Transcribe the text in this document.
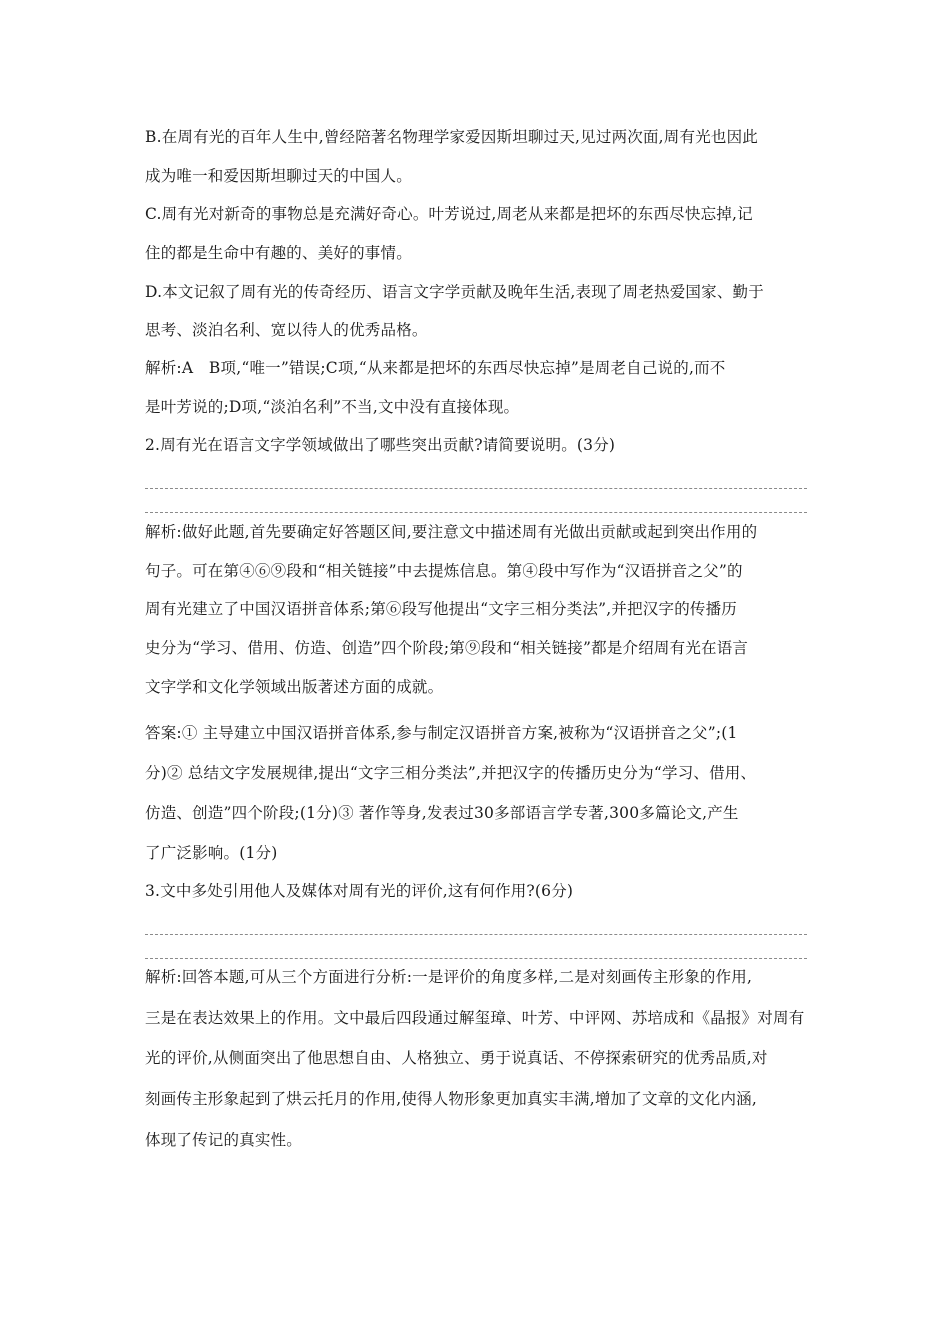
B.在周有光的百年人生中,曾经陪著名物理学家爱因斯坦聊过天,见过两次面,周有光也因此
成为唯一和爱因斯坦聊过天的中国人。
C.周有光对新奇的事物总是充满好奇心。叶芳说过,周老从来都是把坏的东西尽快忘掉,记
住的都是生命中有趣的、美好的事情。
D.本文记叙了周有光的传奇经历、语言文字学贡献及晚年生活,表现了周老热爱国家、勤于
思考、淡泊名利、宽以待人的优秀品格。
解析:A　B项,“唯一”错误;C项,“从来都是把坏的东西尽快忘掉”是周老自己说的,而不
是叶芳说的;D项,“淡泊名利”不当,文中没有直接体现。
2.周有光在语言文字学领域做出了哪些突出贡献?请简要说明。(3分)
解析:做好此题,首先要确定好答题区间,要注意文中描述周有光做出贡献或起到突出作用的
句子。可在第④⑥⑨段和“相关链接”中去提炼信息。第④段中写作为“汉语拼音之父”的
周有光建立了中国汉语拼音体系;第⑥段写他提出“文字三相分类法”,并把汉字的传播历
史分为“学习、借用、仿造、创造”四个阶段;第⑨段和“相关链接”都是介绍周有光在语言
文字学和文化学领域出版著述方面的成就。
答案:① 主导建立中国汉语拼音体系,参与制定汉语拼音方案,被称为“汉语拼音之父”;(1
分)② 总结文字发展规律,提出“文字三相分类法”,并把汉字的传播历史分为“学习、借用、
仿造、创造”四个阶段;(1分)③ 著作等身,发表过30多部语言学专著,300多篇论文,产生
了广泛影响。(1分)
3.文中多处引用他人及媒体对周有光的评价,这有何作用?(6分)
解析:回答本题,可从三个方面进行分析:一是评价的角度多样,二是对刻画传主形象的作用,
三是在表达效果上的作用。文中最后四段通过解玺璋、叶芳、中评网、苏培成和《晶报》对周有
光的评价,从侧面突出了他思想自由、人格独立、勇于说真话、不停探索研究的优秀品质,对
刻画传主形象起到了烘云托月的作用,使得人物形象更加真实丰满,增加了文章的文化内涵,
体现了传记的真实性。
